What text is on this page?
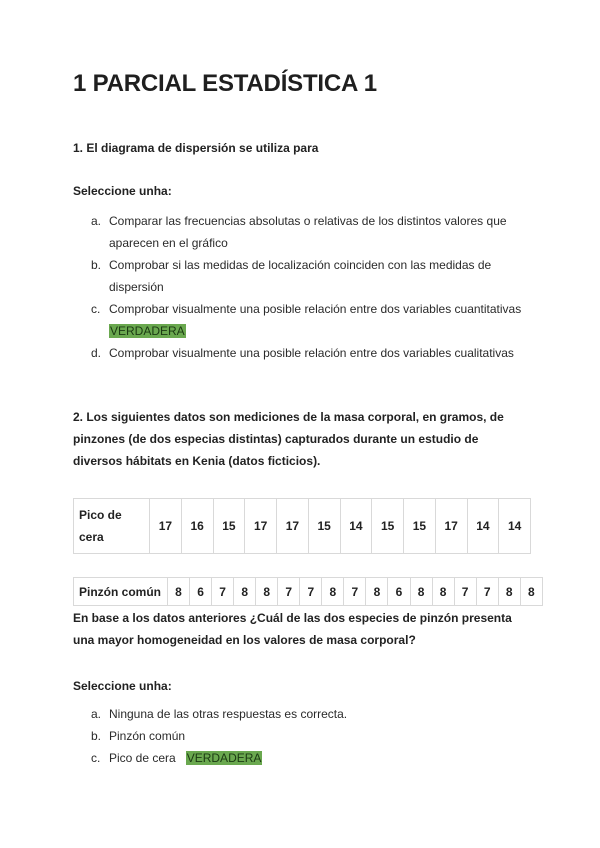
1 PARCIAL ESTADÍSTICA 1

1. El diagrama de dispersión se utiliza para

Seleccione unha:

a. Comparar las frecuencias absolutas o relativas de los distintos valores que aparecen en el gráfico
b. Comprobar si las medidas de localización coinciden con las medidas de dispersión
c. Comprobar visualmente una posible relación entre dos variables cuantitativas
VERDADERA
d. Comprobar visualmente una posible relación entre dos variables cualitativas

2. Los siguientes datos son mediciones de la masa corporal, en gramos, de pinzones (de dos especias distintas) capturados durante un estudio de diversos hábitats en Kenia (datos ficticios).

Pico de cera	17	16	15	17	17	15	14	15	15	17	14	14
Pinzón común	8	6	7	8	8	7	7	8	7	8	6	8	8	7	7	8	8

En base a los datos anteriores ¿Cuál de las dos especies de pinzón presenta una mayor homogeneidad en los valores de masa corporal?

Seleccione unha:

a. Ninguna de las otras respuestas es correcta.
b. Pinzón común
c. Pico de cera VERDADERA
